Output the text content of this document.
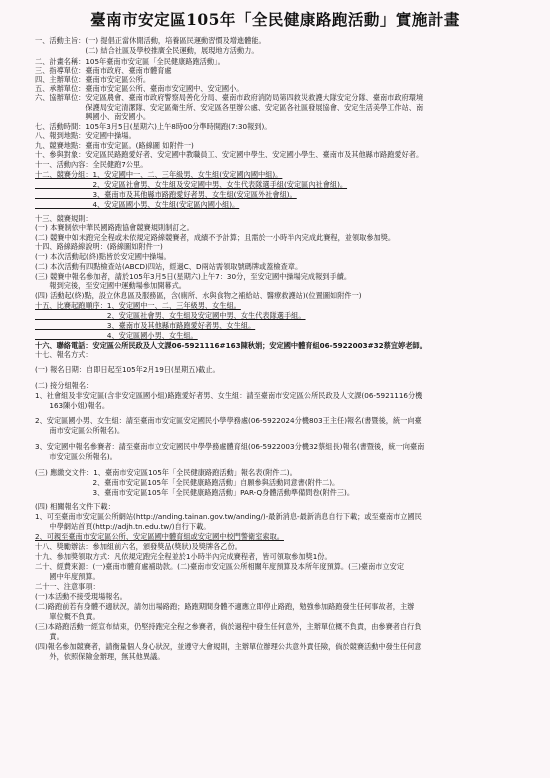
臺南市安定區105年「全民健康路跑活動」實施計畫
一、活動主旨：(一) 提倡正當休閒活動，培養區民運動習慣及增進體能。
　　　　　　　(二) 結合社區及學校推廣全民運動，展現地方活動力。
二、計畫名稱：105年臺南市安定區「全民健康路跑活動」。
三、指導單位：臺南市政府、臺南市體育處
四、主辦單位：臺南市安定區公所。
五、承辦單位：臺南市安定區公所、臺南市安定國中、安定國小。
六、協辦單位：安定區農會、臺南市政府警察局善化分局、臺南市政府消防局第四救災救護大隊安定分隊、臺南市政府環境
　　　　　　　保護局安定清潔隊、安定區衛生所、安定區各里辦公處、安定區各社區發展協會、安定生活美學工作站、南
　　　　　　　興國小、南安國小。
七、活動時間：105年3月5日(星期六)上午8時00分準時開跑(7:30報到)。
八、報到地點：安定國中操場。
九、競賽地點：臺南市安定區。(路線圖 如附件一)
十、參與對象：安定區民路跑愛好者、安定國中教職員工、安定國中學生、安定國小學生、臺南市及其他縣市路跑愛好者。
十一、活動內容：全民健跑7公里。
十二、競賽分組：1、安定國中一、二、三年級男、女生組(安定國內國中組)。
　　　　　　　　2、安定區社會男、女生組及安定國中男、女生代表隊選手組(安定區內社會組)。
　　　　　　　　3、臺南市及其他縣市路跑愛好者男、女生組(安定區外社會組)。
　　　　　　　　4、安定區國小男、女生組(安定區內國小組)。
十三、競賽規則：
(一) 本賽制依中華民國路跑協會競賽規則制訂之。
(二) 競賽中如未跑完全程或未依規定路線競賽者，成績不予計算；且需於一小時半內完成此賽程，並領取參加獎。
十四、路線路線說明：(路線圖如附件一)
(一) 本次活動起(終)點皆於安定國中操場。
(二) 本次活動有四點檢查站(ABCD)四站，經過C、D兩站需領取號碼牌或蓋檢查章。
(三) 競賽中報名參加者，請於105年3月5日(星期六)上午7：30分，至安定國中操場完成報到手續。
　　報到完後，至安定國中運動場參加開幕式。
(四) 活動起(終)點，設立休息區及服務區，含(廁所、水與食物之補給站、醫療救護站)(位置圖如附件一)
十五、比賽起跑順序：1、安定國中一、二、三年級男、女生組。
　　　　　　　　　　2、安定區社會男、女生組及安定國中男、女生代表隊選手組。
　　　　　　　　　　3、臺南市及其他縣市路跑愛好者男、女生組。
　　　　　　　　　　4、安定區國小男、女生組。
十六、聯絡電話：安定區公所民政及人文課06-5921116#163陳秋娟；安定國中體育組06-5922003#32蔡宜婷老師。
十七、報名方式：
(一) 報名日期：自即日起至105年2月19日(星期五)截止。
(二) 接分組報名：
1、社會組及非安定區(含非安定區國小組)路跑愛好者男、女生組：請至臺南市安定區公所民政及人文課(06-5921116分機
　　163陳小姐)報名。
2、安定區國小男、女生組：請至臺南市安定區安定國民小學學務處(06-5922024分機803王主任)報名(書暨後，統一向臺
　　南市安定區公所報名)。
3、安定國中報名參賽者：請至臺南市立安定國民中學學務處體育組(06-5922003分機32蔡組長)報名(書暨後，統一向臺南
　　市安定區公所報名)。
(三) 應繳交文件：1、臺南市安定區105年「全民健康路跑活動」報名表(附件二)。
　　　　　　　　2、臺南市安定區105年「全民健康路跑活動」自願參與活動同意書(附件二)。
　　　　　　　　3、臺南市安定區105年「全民健康路跑活動」PAR-Q身體活動準備問卷(附件三)。
(四) 相關報名文件下載：
1、可至臺南市安定區公所網站(http://anding.tainan.gov.tw/anding/)-最新消息-最新消息自行下載；或至臺南市立國民
　　中學網站首頁(http://adjh.tn.edu.tw/)自行下載。
2、可親至臺南市安定區公所、安定區國中體育組或安定國中校門警衛室索取。
十八、獎勵辦法：參加組前六名，頒發獎品(獎狀)及獎牌各乙份。
十九、參加獎領取方式：凡依規定跑完全程並於1小時半內完成賽程者，皆可領取參加獎1份。
二十、經費來源：(一)臺南市體育處補助款。(二)臺南市安定區公所相關年度預算及本所年度預算。(三)臺南市立安定
　　國中年度預算。
二十一、注意事項：
(一)本活動不接受現場報名。
(二)路跑前若有身體不適狀況，請勿出場路跑；路跑期間身體不適應立即停止路跑，勉強參加路跑發生任何事故者，主辦
　　單位概不負責。
(三)本路跑活動一經宣布結束，仍堅持跑完全程之參賽者，倘於過程中發生任何意外，主辦單位概不負責，由參賽者自行負
　　責。
(四)報名參加競賽者，請衡量個人身心狀況，並遵守大會規則，主辦單位辦理公共意外責任險，倘於競賽活動中發生任何意
　　外，依照保險金辦理，無其他異議。
